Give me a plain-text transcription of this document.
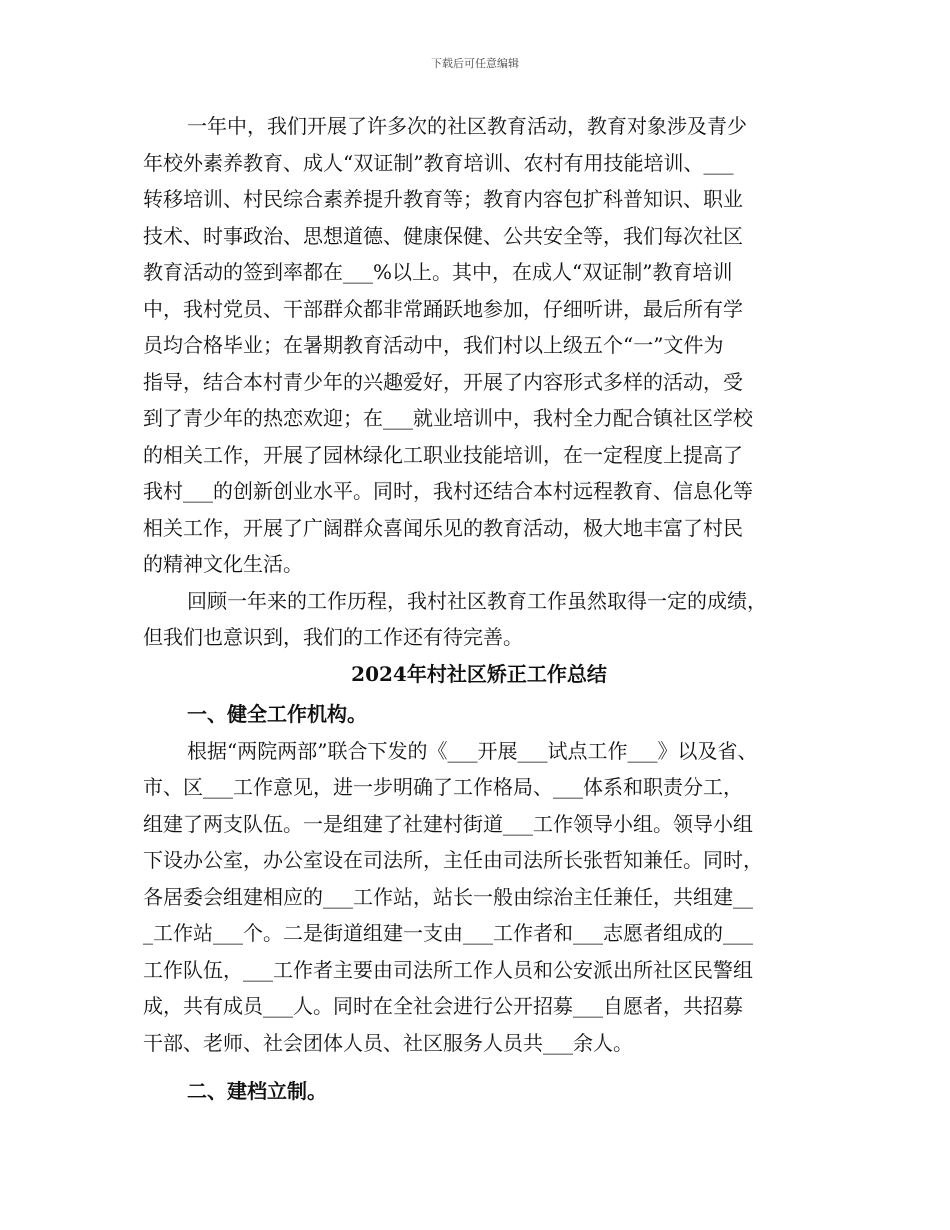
下载后可任意编辑
一年中，我们开展了许多次的社区教育活动，教育对象涉及青少
年校外素养教育、成人“双证制”教育培训、农村有用技能培训、___
转移培训、村民综合素养提升教育等；教育内容包扩科普知识、职业
技术、时事政治、思想道德、健康保健、公共安全等，我们每次社区
教育活动的签到率都在___%以上。其中，在成人“双证制”教育培训
中，我村党员、干部群众都非常踊跃地参加，仔细听讲，最后所有学
员均合格毕业；在暑期教育活动中，我们村以上级五个“一”文件为
指导，结合本村青少年的兴趣爱好，开展了内容形式多样的活动，受
到了青少年的热恋欢迎；在___就业培训中，我村全力配合镇社区学校
的相关工作，开展了园林绿化工职业技能培训，在一定程度上提高了
我村___的创新创业水平。同时，我村还结合本村远程教育、信息化等
相关工作，开展了广阔群众喜闻乐见的教育活动，极大地丰富了村民
的精神文化生活。
回顾一年来的工作历程，我村社区教育工作虽然取得一定的成绩，
但我们也意识到，我们的工作还有待完善。
2024年村社区矫正工作总结
一、健全工作机构。
根据“两院两部”联合下发的《___开展___试点工作___》以及省、
市、区___工作意见，进一步明确了工作格局、___体系和职责分工，
组建了两支队伍。一是组建了社建村街道___工作领导小组。领导小组
下设办公室，办公室设在司法所，主任由司法所长张哲知兼任。同时，
各居委会组建相应的___工作站，站长一般由综治主任兼任，共组建__
_工作站___个。二是街道组建一支由___工作者和___志愿者组成的___
工作队伍，___工作者主要由司法所工作人员和公安派出所社区民警组
成，共有成员___人。同时在全社会进行公开招募___自愿者，共招募
干部、老师、社会团体人员、社区服务人员共___余人。
二、建档立制。
